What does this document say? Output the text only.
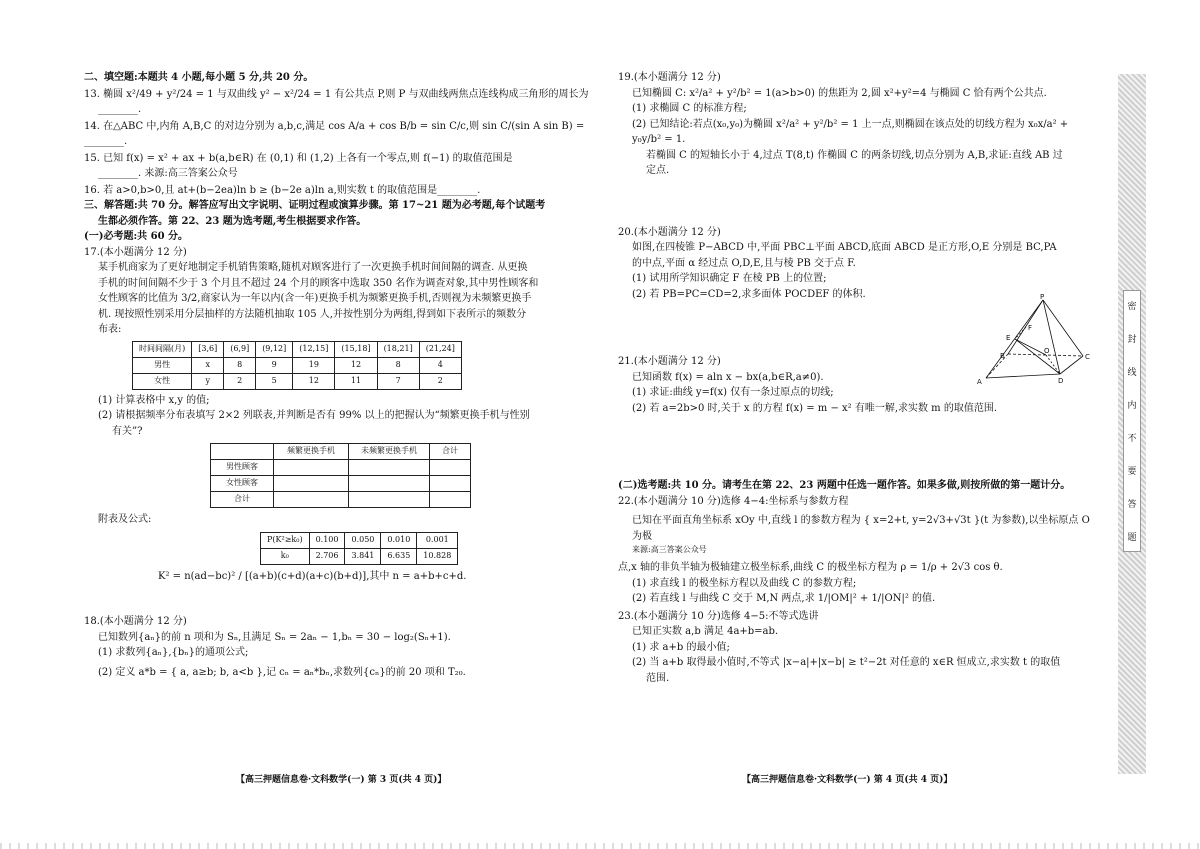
二、填空题:本题共 4 小题,每小题 5 分,共 20 分。

13. 椭圆 x²/49 + y²/24 = 1 与双曲线 y² − x²/24 = 1 有公共点 P,则 P 与双曲线两焦点连线构成三角形的周长为

________.

14. 在△ABC 中,内角 A,B,C 的对边分别为 a,b,c,满足 cos A/a + cos B/b = sin C/c,则 sin C/(sin A sin B) = ________.

15. 已知 f(x) = x² + ax + b(a,b∈R) 在 (0,1) 和 (1,2) 上各有一个零点,则 f(−1) 的取值范围是

________. 来源:高三答案公众号

16. 若 a>0,b>0,且 at+(b−2ea)ln b ≥ (b−2e a)ln a,则实数 t 的取值范围是________.

三、解答题:共 70 分。解答应写出文字说明、证明过程或演算步骤。第 17~21 题为必考题,每个试题考

生都必须作答。第 22、23 题为选考题,考生根据要求作答。

(一)必考题:共 60 分。

17.(本小题满分 12 分)

某手机商家为了更好地制定手机销售策略,随机对顾客进行了一次更换手机时间间隔的调查. 从更换

手机的时间间隔不少于 3 个月且不超过 24 个月的顾客中选取 350 名作为调查对象,其中男性顾客和

女性顾客的比值为 3/2,商家认为一年以内(含一年)更换手机为频繁更换手机,否则视为未频繁更换手

机. 现按照性别采用分层抽样的方法随机抽取 105 人,并按性别分为两组,得到如下表所示的频数分

布表:

时间间隔(月)	[3,6]	(6,9]	(9,12]	(12,15]	(15,18]	(18,21]	(21,24]
男性	x	8	9	19	12	8	4
女性	y	2	5	12	11	7	2

(1) 计算表格中 x,y 的值;

(2) 请根据频率分布表填写 2×2 列联表,并判断是否有 99% 以上的把握认为“频繁更换手机与性别

有关”?

	频繁更换手机	未频繁更换手机	合计
男性顾客			
女性顾客			
合计			

附表及公式:

P(K²≥k₀)	0.100	0.050	0.010	0.001
k₀	2.706	3.841	6.635	10.828

K² = n(ad−bc)² / [(a+b)(c+d)(a+c)(b+d)],其中 n = a+b+c+d.

18.(本小题满分 12 分)

已知数列{aₙ}的前 n 项和为 Sₙ,且满足 Sₙ = 2aₙ − 1,bₙ = 30 − log₂(Sₙ+1).

(1) 求数列{aₙ},{bₙ}的通项公式;

(2) 定义 a*b = { a, a≥b; b, a<b },记 cₙ = aₙ*bₙ,求数列{cₙ}的前 20 项和 T₂₀.

【高三押题信息卷·文科数学(一) 第 3 页(共 4 页)】

19.(本小题满分 12 分)

已知椭圆 C: x²/a² + y²/b² = 1(a>b>0) 的焦距为 2,圆 x²+y²=4 与椭圆 C 恰有两个公共点.

(1) 求椭圆 C 的标准方程;

(2) 已知结论:若点(x₀,y₀)为椭圆 x²/a² + y²/b² = 1 上一点,则椭圆在该点处的切线方程为 x₀x/a² + y₀y/b² = 1.

若椭圆 C 的短轴长小于 4,过点 T(8,t) 作椭圆 C 的两条切线,切点分别为 A,B,求证:直线 AB 过

定点.

20.(本小题满分 12 分)

如图,在四棱锥 P−ABCD 中,平面 PBC⊥平面 ABCD,底面 ABCD 是正方形,O,E 分别是 BC,PA

的中点,平面 α 经过点 O,D,E,且与棱 PB 交于点 F.

(1) 试用所学知识确定 F 在棱 PB 上的位置;

(2) 若 PB=PC=CD=2,求多面体 POCDEF 的体积.

21.(本小题满分 12 分)

已知函数 f(x) = aln x − bx(a,b∈R,a≠0).

(1) 求证:曲线 y=f(x) 仅有一条过原点的切线;

(2) 若 a=2b>0 时,关于 x 的方程 f(x) = m − x² 有唯一解,求实数 m 的取值范围.

(二)选考题:共 10 分。请考生在第 22、23 两题中任选一题作答。如果多做,则按所做的第一题计分。

22.(本小题满分 10 分)选修 4−4:坐标系与参数方程

已知在平面直角坐标系 xOy 中,直线 l 的参数方程为 { x=2+t, y=2√3+√3t }(t 为参数),以坐标原点 O 为极

来源:高三答案公众号

点,x 轴的非负半轴为极轴建立极坐标系,曲线 C 的极坐标方程为 ρ = 1/ρ + 2√3 cos θ.

(1) 求直线 l 的极坐标方程以及曲线 C 的参数方程;

(2) 若直线 l 与曲线 C 交于 M,N 两点,求 1/|OM|² + 1/|ON|² 的值.

23.(本小题满分 10 分)选修 4−5:不等式选讲

已知正实数 a,b 满足 4a+b=ab.

(1) 求 a+b 的最小值;

(2) 当 a+b 取得最小值时,不等式 |x−a|+|x−b| ≥ t²−2t 对任意的 x∈R 恒成立,求实数 t 的取值

范围.

P
E
F
B
O
C
A	D
【高三押题信息卷·文科数学(一) 第 4 页(共 4 页)】
密
封
线
内
不
要
答
题
